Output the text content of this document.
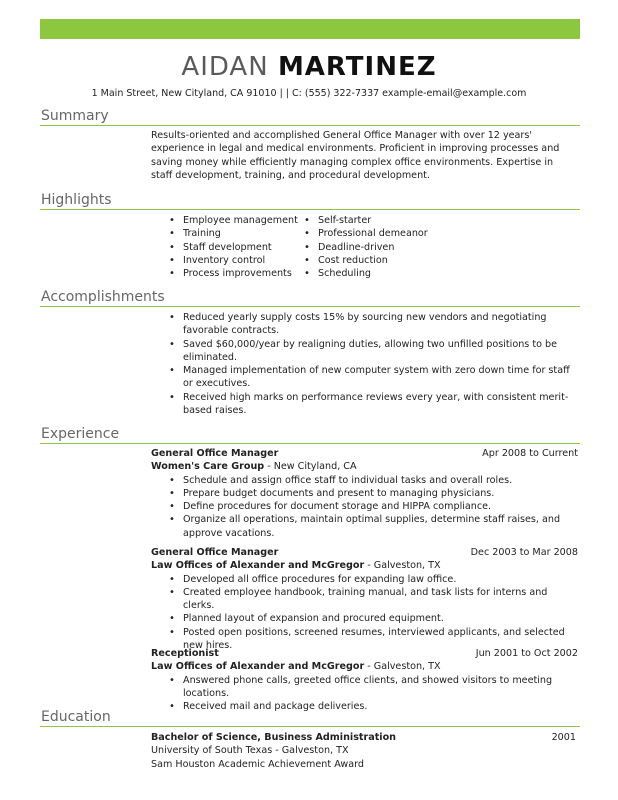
AIDAN MARTINEZ
1 Main Street, New Cityland, CA 91010 | | C: (555) 322-7337 example-email@example.com
Summary

Results-oriented and accomplished General Office Manager with over 12 years' experience in legal and medical environments. Proficient in improving processes and saving money while efficiently managing complex office environments. Expertise in staff development, training, and procedural development.

Highlights
• Employee management
• Training
• Staff development
• Inventory control
• Process improvements
• Self-starter
• Professional demeanor
• Deadline-driven
• Cost reduction
• Scheduling
Accomplishments
• Reduced yearly supply costs 15% by sourcing new vendors and negotiating favorable contracts.
• Saved $60,000/year by realigning duties, allowing two unfilled positions to be eliminated.
• Managed implementation of new computer system with zero down time for staff or executives.
• Received high marks on performance reviews every year, with consistent merit-based raises.
Experience
General Office Manager	Apr 2008 to Current
Women's Care Group - New Cityland, CA
• Schedule and assign office staff to individual tasks and overall roles.
• Prepare budget documents and present to managing physicians.
• Define procedures for document storage and HIPPA compliance.
• Organize all operations, maintain optimal supplies, determine staff raises, and approve vacations.
General Office Manager	Dec 2003 to Mar 2008
Law Offices of Alexander and McGregor - Galveston, TX
• Developed all office procedures for expanding law office.
• Created employee handbook, training manual, and task lists for interns and clerks.
• Planned layout of expansion and procured equipment.
• Posted open positions, screened resumes, interviewed applicants, and selected new hires.
Receptionist	Jun 2001 to Oct 2002
Law Offices of Alexander and McGregor - Galveston, TX
• Answered phone calls, greeted office clients, and showed visitors to meeting locations.
• Received mail and package deliveries.
Education
Bachelor of Science, Business Administration	2001
University of South Texas - Galveston, TX
Sam Houston Academic Achievement Award
